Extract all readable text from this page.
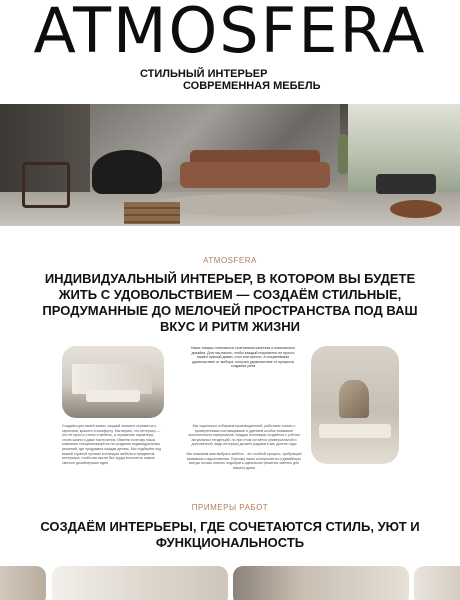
ATMOSFERA
СТИЛЬНЫЙ ИНТЕРЬЕР
СОВРЕМЕННАЯ МЕБЕЛЬ
ATMOSFERA
ИНДИВИДУАЛЬНЫЙ ИНТЕРЬЕР, В КОТОРОМ ВЫ БУДЕТЕ ЖИТЬ С УДОВОЛЬСТВИЕМ — СОЗДАЁМ СТИЛЬНЫЕ, ПРОДУМАННЫЕ ДО МЕЛОЧЕЙ ПРОСТРАНСТВА ПОД ВАШ ВКУС И РИТМ ЖИЗНИ
Наши товары отличаются сочетанием качества и изысканного дизайна. Для нас важно, чтобы каждый покупатель не просто нашёл нужный диван, стол или кресло, а почувствовал удовольствие от выбора, получил удовольствие от процесса создания уюта
Создаём для своей жизни, каждый элемент стремится к гармонии, красоте и комфорту. Мы верим, что интерьер — это не просто стены и мебель, а отражение характера, стиля жизни и даже настроения. Именно поэтому наша компания специализируется на создании индивидуальных решений, где продумана каждая деталь. Мы подберём под вашей страной лучшие коллекции мебели и предметов интерьера, чтобы вы могли без труда воплотить самые смелые дизайнерские идеи
Мы тщательно отбираем производителей, работаем только с проверенными поставщиками и уделяем особое внимание экологичности материалов. Каждая коллекция создаётся с учётом актуальных тенденций, но при этом остаётся универсальной и долговечной, ведь интерьер должен радовать вас долгие годы
Мы поможем вам выбрать мебель - это особый процесс, требующий внимания и вдохновения. Поэтому наши консультанты и дизайнеры всегда готовы помочь подобрать идеальное решение именно для вашего дома
ПРИМЕРЫ РАБОТ
СОЗДАЁМ ИНТЕРЬЕРЫ, ГДЕ СОЧЕТАЮТСЯ СТИЛЬ, УЮТ И ФУНКЦИОНАЛЬНОСТЬ
